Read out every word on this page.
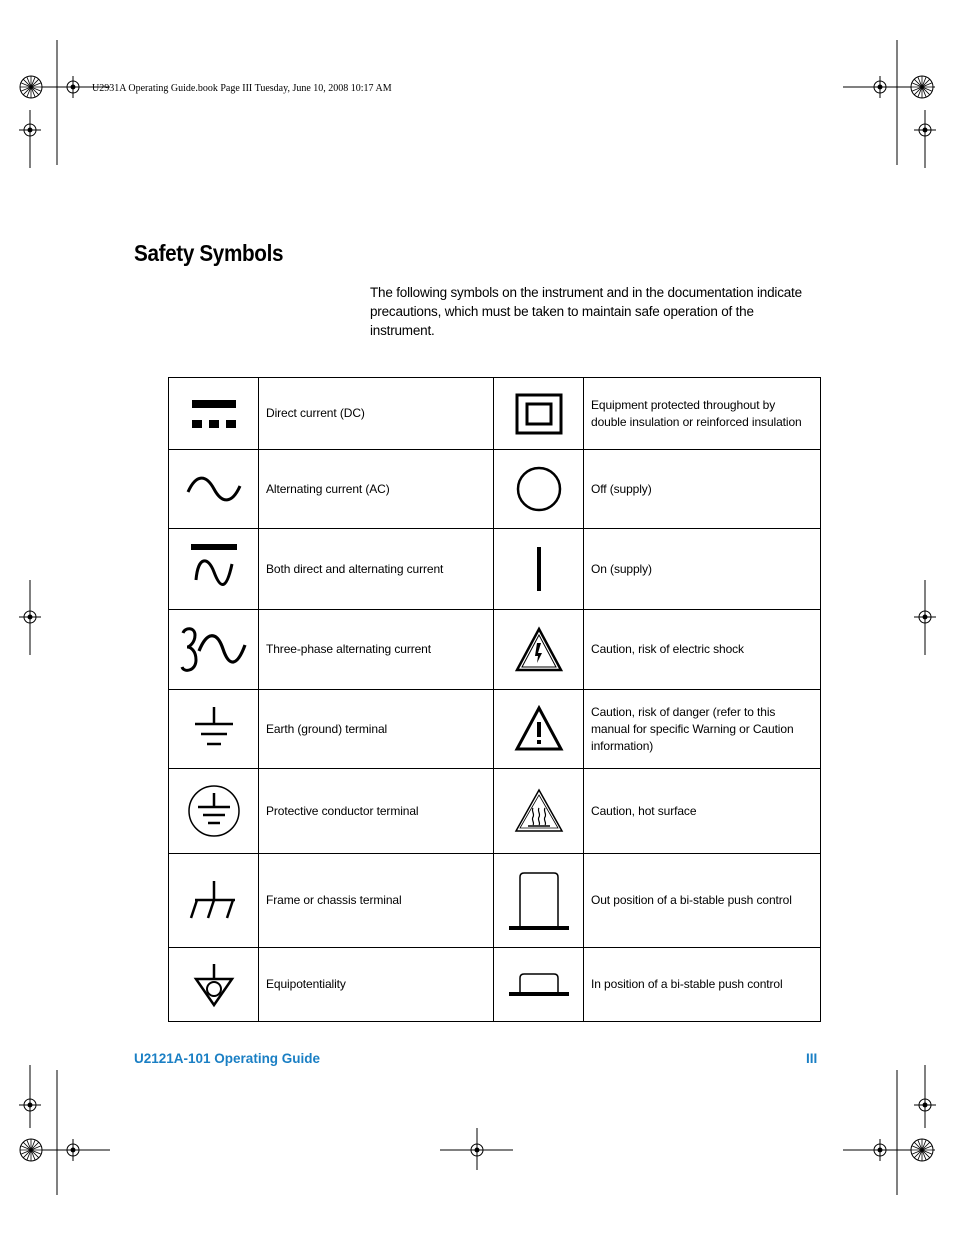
U2931A Operating Guide.book Page III Tuesday, June 10, 2008 10:17 AM
Safety Symbols

The following symbols on the instrument and in the documentation indicate precautions, which must be taken to maintain safe operation of the instrument.

	Direct current (DC)		Equipment protected throughout by double insulation or reinforced insulation

	Alternating current (AC)		Off (supply)

	Both direct and alternating current		On (supply)

	Three-phase alternating current		Caution, risk of electric shock

	Earth (ground) terminal		Caution, risk of danger (refer to this manual for specific Warning or Caution information)

	Protective conductor terminal		Caution, hot surface

	Frame or chassis terminal		Out position of a bi-stable push control

	Equipotentiality		In position of a bi-stable push control
U2121A-101 Operating Guide	III
